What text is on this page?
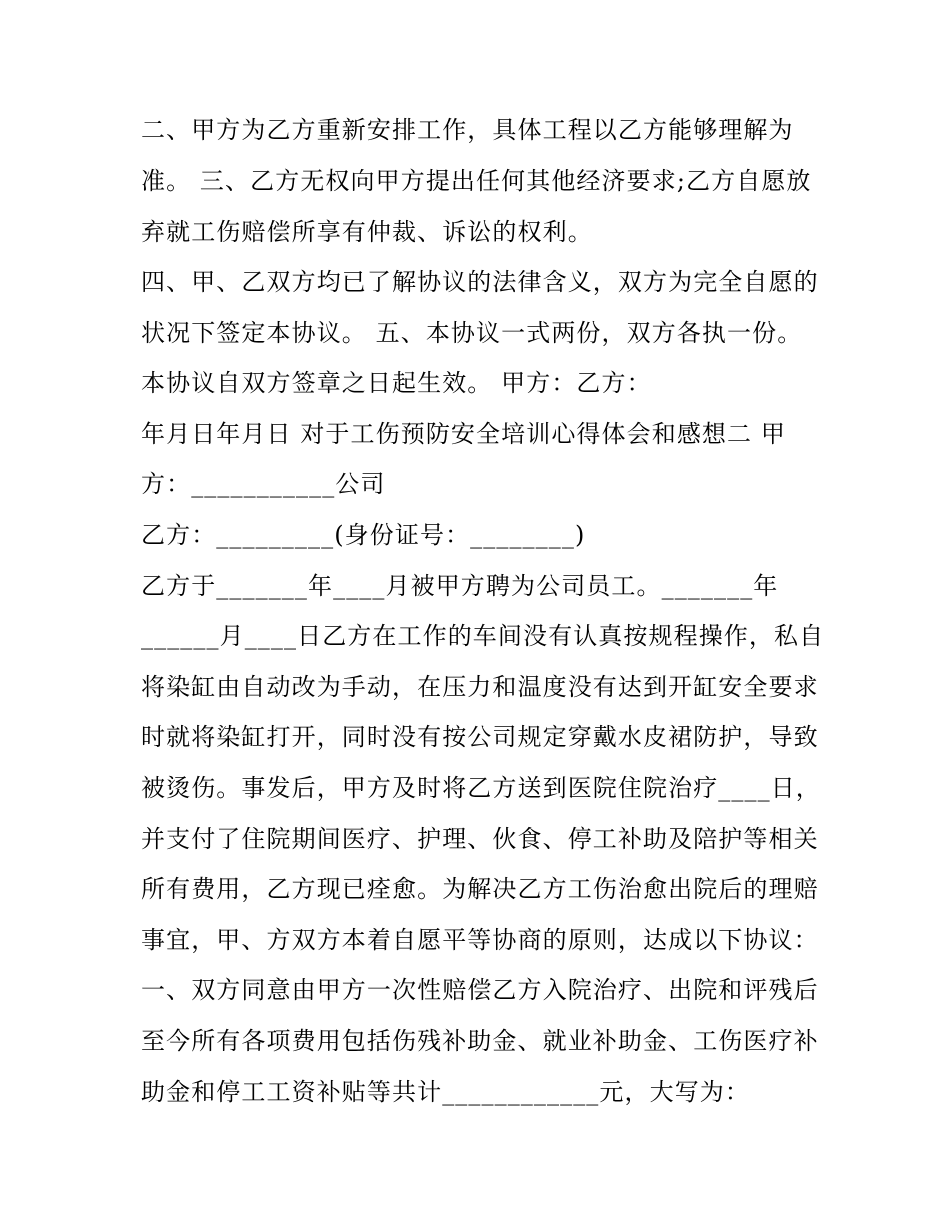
二、甲方为乙方重新安排工作，具体工程以乙方能够理解为
准。 三、乙方无权向甲方提出任何其他经济要求;乙方自愿放
弃就工伤赔偿所享有仲裁、诉讼的权利。
四、甲、乙双方均已了解协议的法律含义，双方为完全自愿的
状况下签定本协议。 五、本协议一式两份，双方各执一份。
本协议自双方签章之日起生效。 甲方：乙方：
年月日年月日 对于工伤预防安全培训心得体会和感想二 甲
方：___________公司
乙方：_________(身份证号：________)
乙方于_______年____月被甲方聘为公司员工。_______年
______月____日乙方在工作的车间没有认真按规程操作，私自
将染缸由自动改为手动，在压力和温度没有达到开缸安全要求
时就将染缸打开，同时没有按公司规定穿戴水皮裙防护，导致
被烫伤。事发后，甲方及时将乙方送到医院住院治疗____日，
并支付了住院期间医疗、护理、伙食、停工补助及陪护等相关
所有费用，乙方现已痊愈。为解决乙方工伤治愈出院后的理赔
事宜，甲、方双方本着自愿平等协商的原则，达成以下协议：
一、双方同意由甲方一次性赔偿乙方入院治疗、出院和评残后
至今所有各项费用包括伤残补助金、就业补助金、工伤医疗补
助金和停工工资补贴等共计____________元，大写为：
